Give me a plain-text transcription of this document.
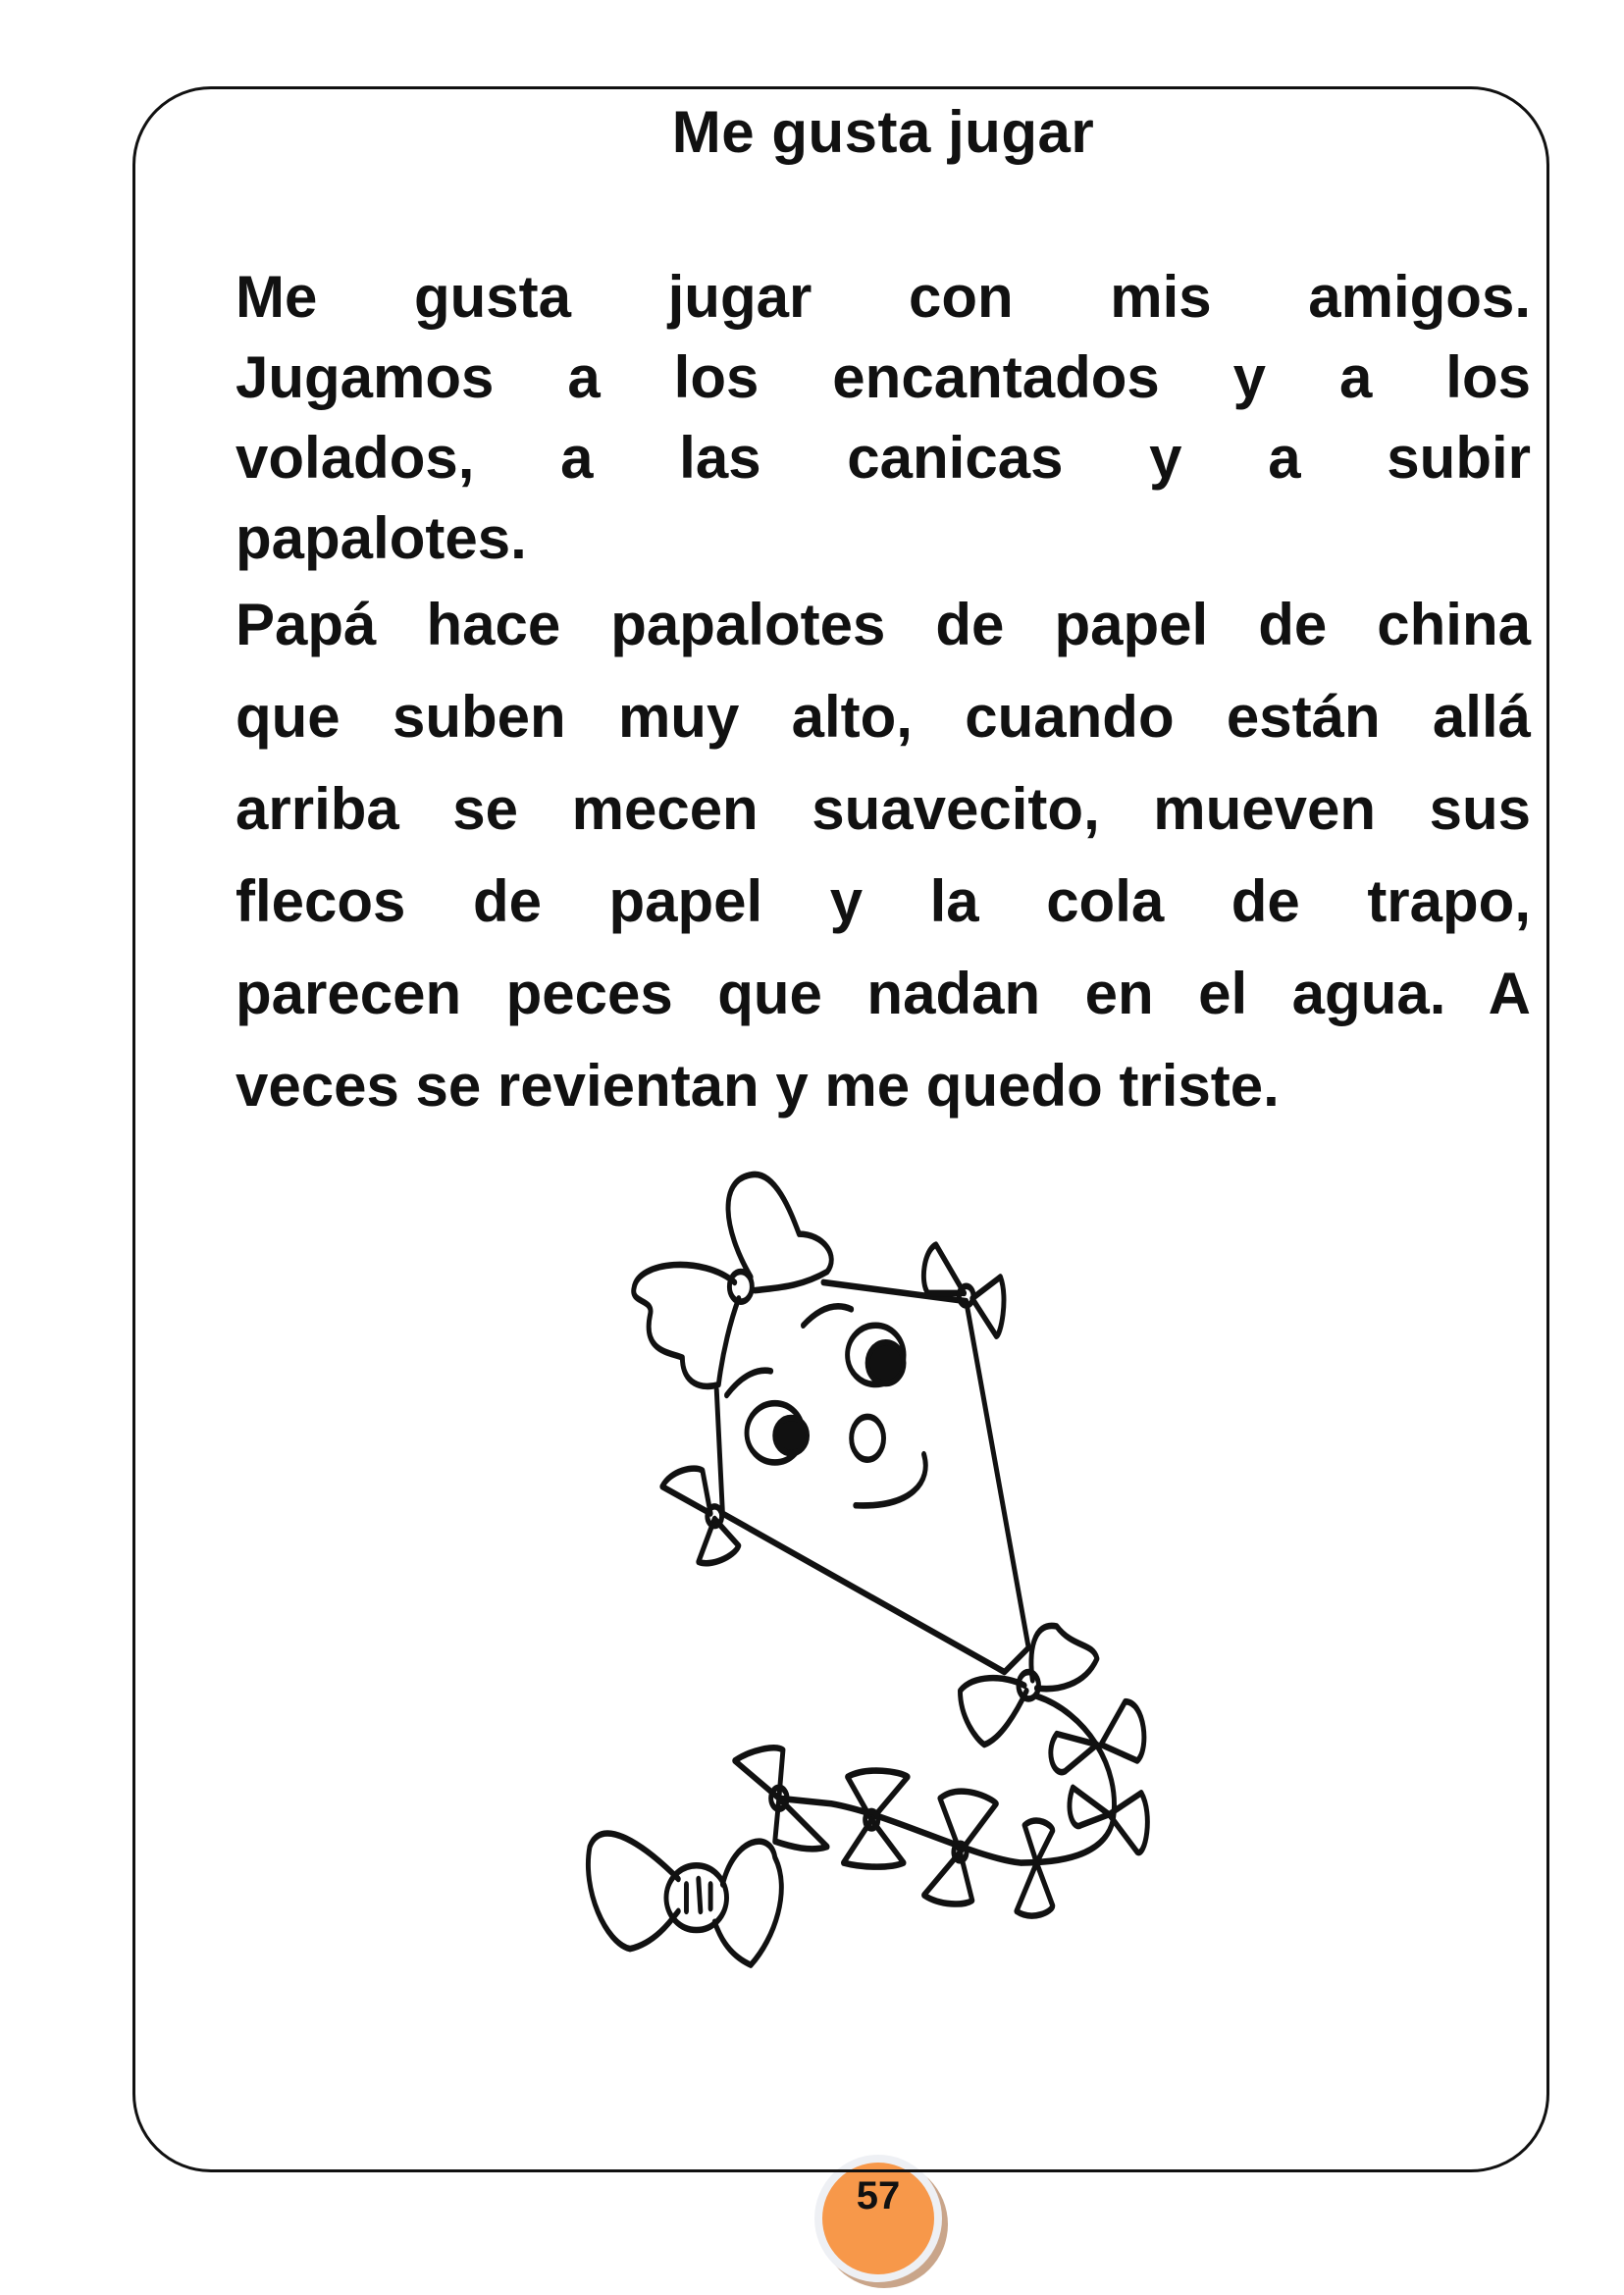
57
Me gusta jugar
Me gusta jugar con mis amigos.
Jugamos a los encantados y a los
volados, a las canicas y a subir
papalotes.
Papá hace papalotes de papel de china
que suben muy alto, cuando están allá
arriba se mecen suavecito, mueven sus
flecos de papel y la cola de trapo,
parecen peces que nadan en el agua. A
veces se revientan y me quedo triste.
